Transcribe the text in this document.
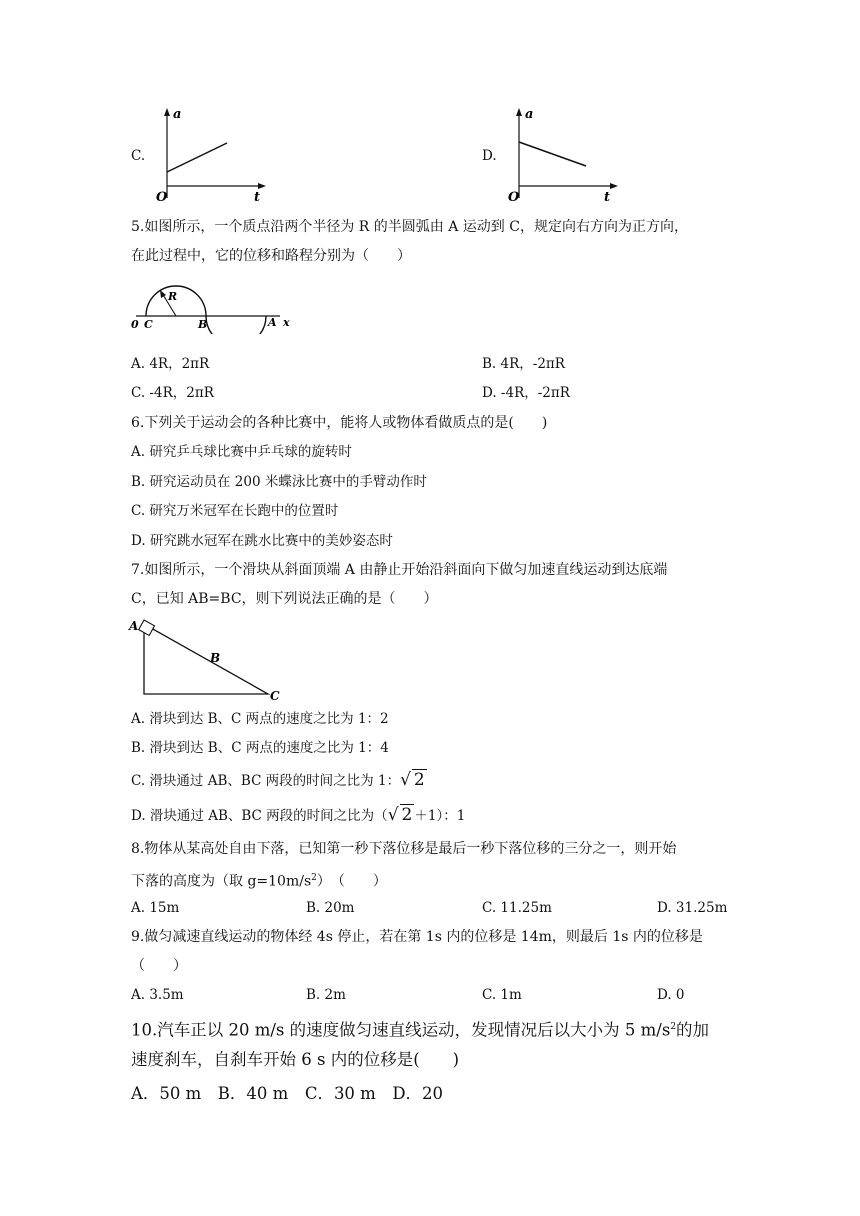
C.
a
t
O
D.
a
t
O
5.如图所示，一个质点沿两个半径为 R 的半圆弧由 A 运动到 C，规定向右方向为正方向，
在此过程中，它的位移和路程分别为（　　）
0 C	B	A x
R
A. 4R，2πR	B. 4R，-2πR
C. -4R，2πR	D. -4R，-2πR
6.下列关于运动会的各种比赛中，能将人或物体看做质点的是(　　)
A. 研究乒乓球比赛中乒乓球的旋转时
B. 研究运动员在 200 米蝶泳比赛中的手臂动作时
C. 研究万米冠军在长跑中的位置时
D. 研究跳水冠军在跳水比赛中的美妙姿态时
7.如图所示，一个滑块从斜面顶端 A 由静止开始沿斜面向下做匀加速直线运动到达底端
C，已知 AB=BC，则下列说法正确的是（　　）
A
B
C
A. 滑块到达 B、C 两点的速度之比为 1：2
B. 滑块到达 B、C 两点的速度之比为 1：4
C. 滑块通过 AB、BC 两段的时间之比为 1：√ 2
D. 滑块通过 AB、BC 两段的时间之比为（√ 2 ＋1）：1
8.物体从某高处自由下落，已知第一秒下落位移是最后一秒下落位移的三分之一，则开始
下落的高度为（取 $g=10m/s^2$）　（　　）
A. 15m	B. 20m	C. 11.25m	D. 31.25m
9.做匀减速直线运动的物体经 4s 停止，若在第 1s 内的位移是 14m，则最后 1s 内的位移是
（　　）
A. 3.5m	B. 2m	C. 1m	D. 0
10.汽车正以 20 m/s 的速度做匀速直线运动，发现情况后以大小为 5 $m/s^2$的加
速度刹车，自刹车开始 6 s 内的位移是(　　)
A．50 m　B．40 m　C．30 m　D．20
